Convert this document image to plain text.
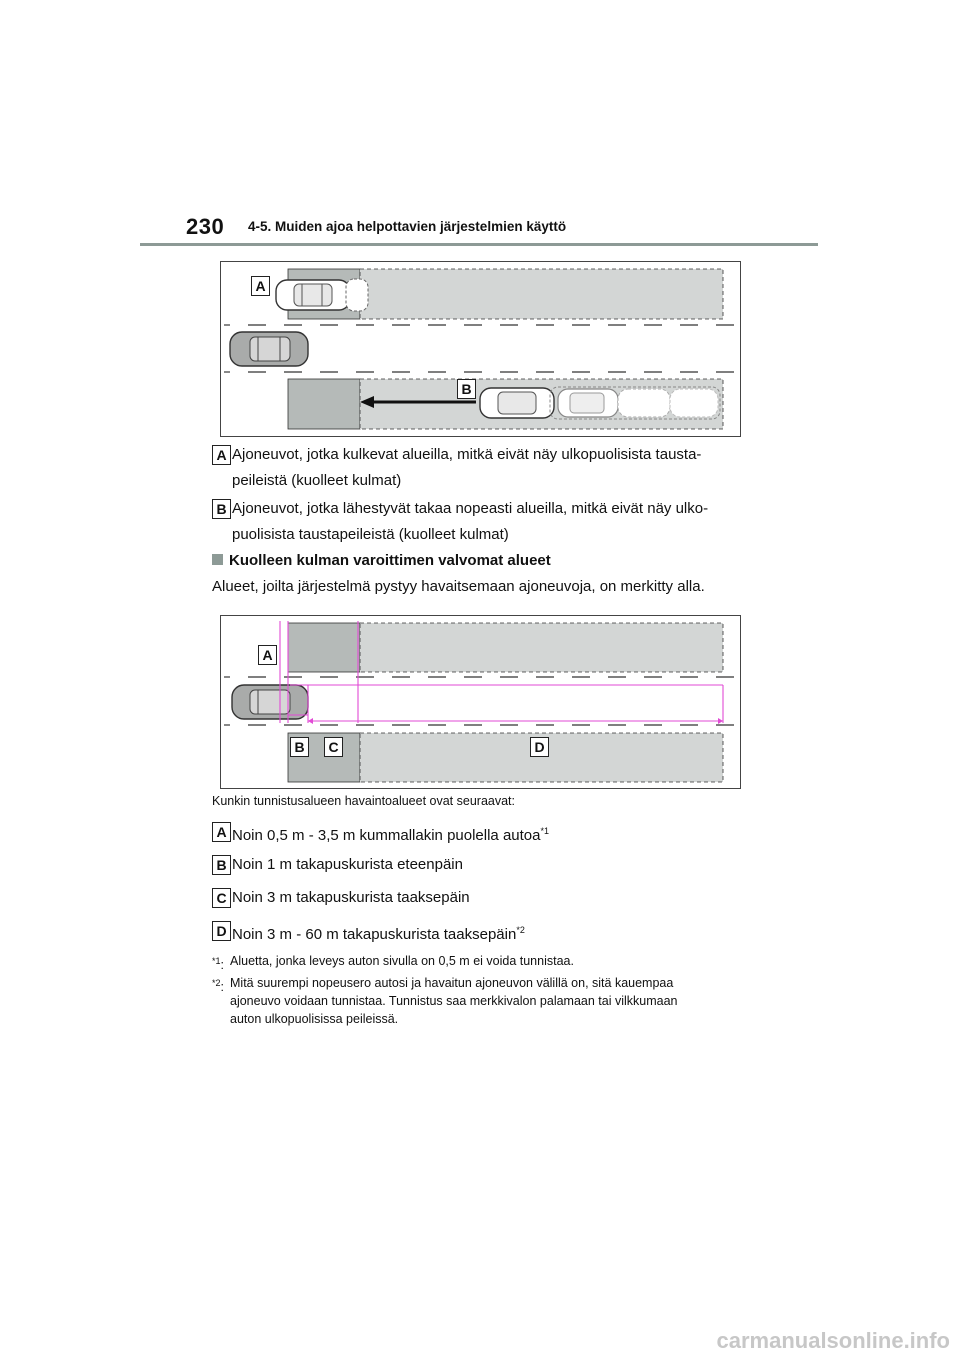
230 4-5. Muiden ajoa helpottavien järjestelmien käyttö
A
B
A Ajoneuvot, jotka kulkevat alueilla, mitkä eivät näy ulkopuolisista tausta-
peileistä (kuolleet kulmat)
B Ajoneuvot, jotka lähestyvät takaa nopeasti alueilla, mitkä eivät näy ulko-
puolisista taustapeileistä (kuolleet kulmat)
Kuolleen kulman varoittimen valvomat alueet
Alueet, joilta järjestelmä pystyy havaitsemaan ajoneuvoja, on merkitty alla.
A
B	C	D
Kunkin tunnistusalueen havaintoalueet ovat seuraavat:
A Noin 0,5 m - 3,5 m kummallakin puolella autoa$^{*1}$
B Noin 1 m takapuskurista eteenpäin
C Noin 3 m takapuskurista taaksepäin
D Noin 3 m - 60 m takapuskurista taaksepäin$^{*2}$
$^{*1}$: Aluetta, jonka leveys auton sivulla on 0,5 m ei voida tunnistaa.
$^{*2}$: Mitä suurempi nopeusero autosi ja havaitun ajoneuvon välillä on, sitä kauempaa
ajoneuvo voidaan tunnistaa. Tunnistus saa merkkivalon palamaan tai vilkkumaan
auton ulkopuolisissa peileissä.
carmanualsonline.info
